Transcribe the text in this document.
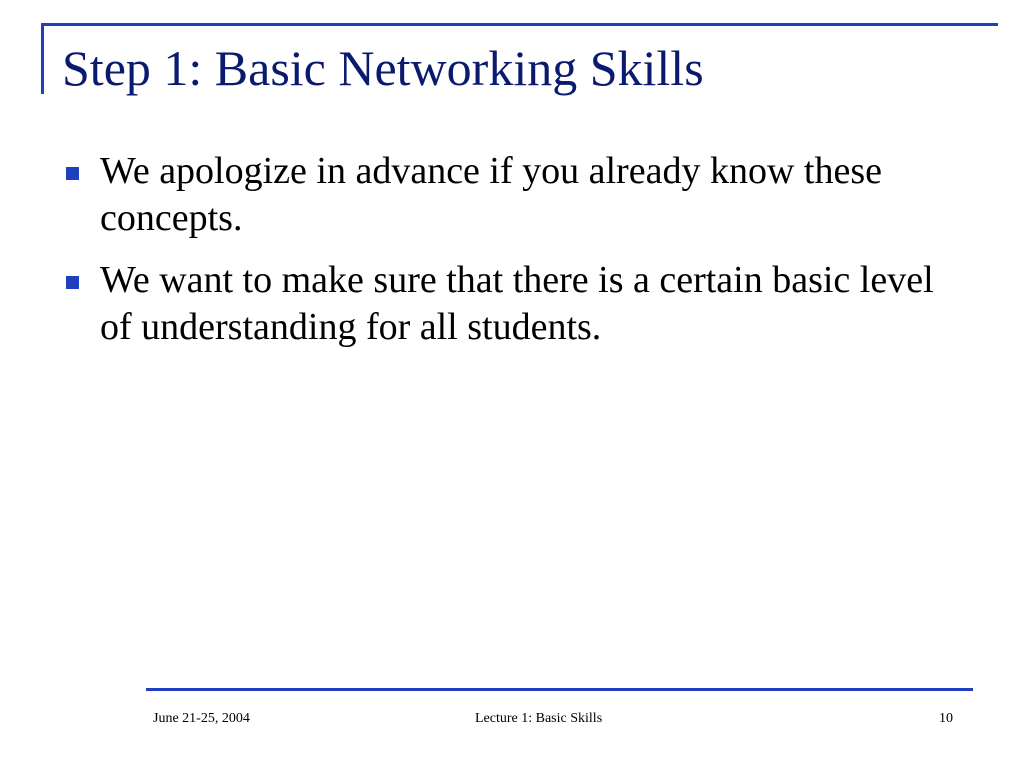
Step 1: Basic Networking Skills
We apologize in advance if you already know these concepts.
We want to make sure that there is a certain basic level of understanding for all students.
June 21-25, 2004	Lecture 1: Basic Skills	10
